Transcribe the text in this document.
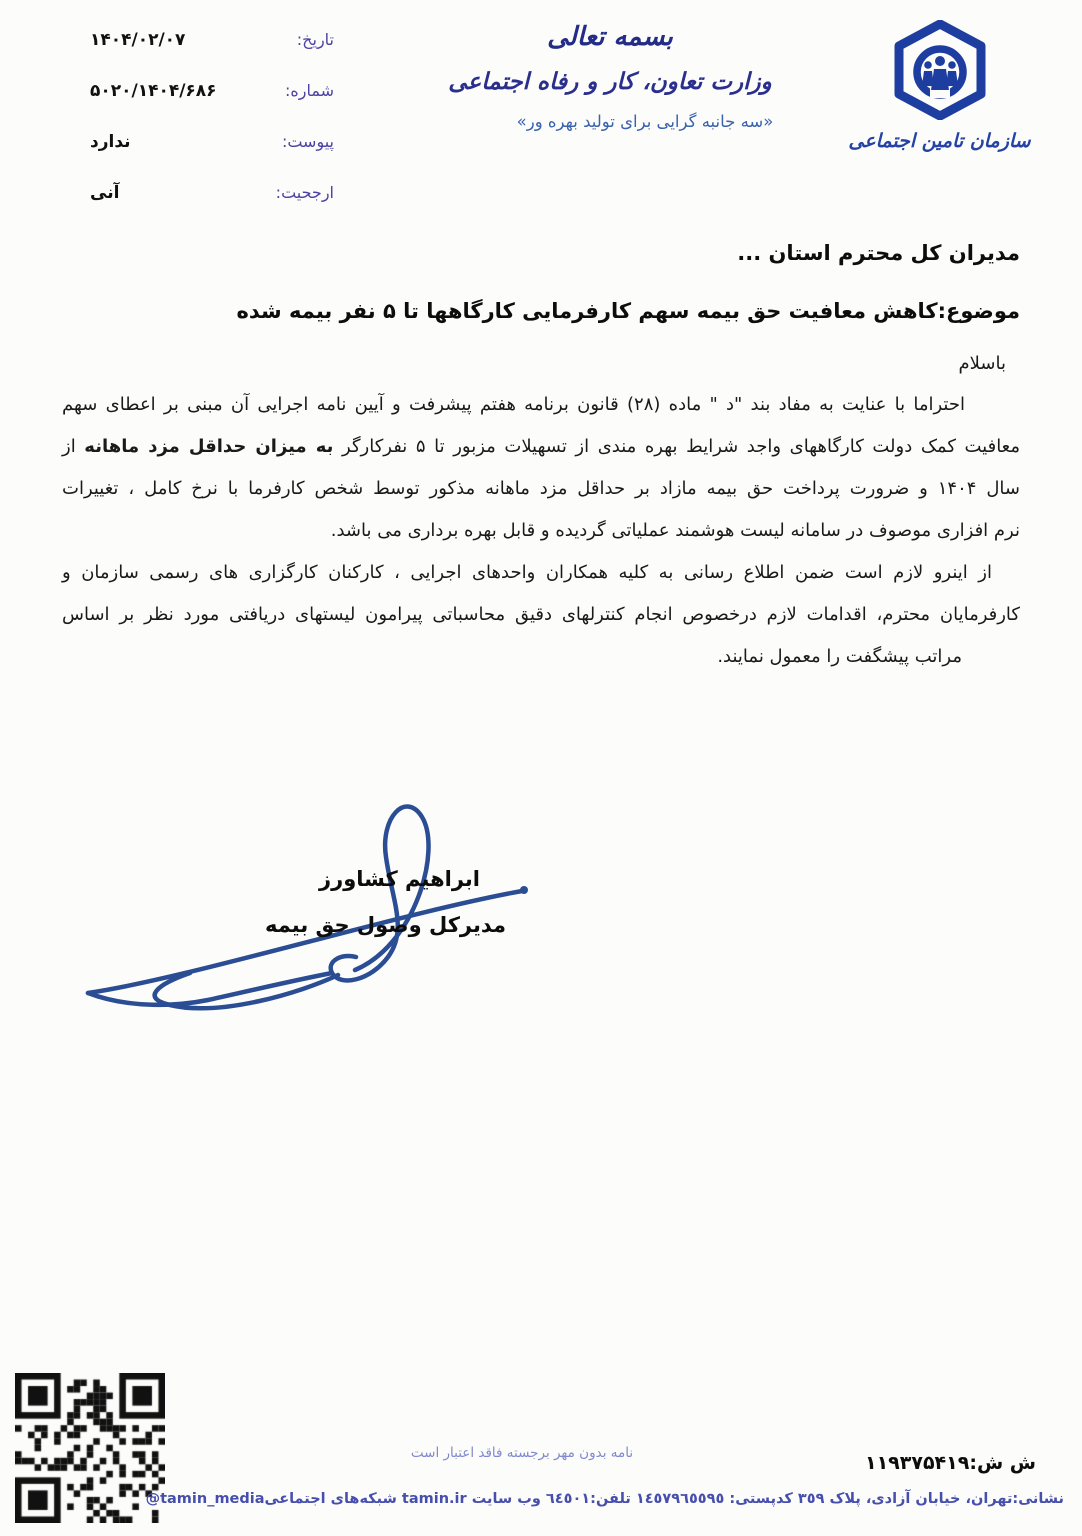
تاریخ:
۱۴۰۴/۰۲/۰۷
شماره:
۵۰۲۰/۱۴۰۴/۶۸۶
پیوست:
ندارد
ارجحیت:
آنی
بسمه تعالی
وزارت تعاون، کار و رفاه اجتماعی
«سه جانبه گرایی برای تولید بهره ور»
سازمان تامین اجتماعی
مدیران کل محترم استان ...
موضوع:کاهش معافیت حق بیمه سهم کارفرمایی کارگاهها تا ۵ نفر بیمه شده
باسلام
احتراما با عنایت به مفاد بند "د " ماده (۲۸) قانون برنامه هفتم پیشرفت و آیین نامه اجرایی آن مبنی بر اعطای سهم
معافیت کمک دولت کارگاههای واجد شرایط بهره مندی از تسهیلات مزبور تا ۵ نفرکارگر به میزان حداقل مزد ماهانه از
سال ۱۴۰۴ و ضرورت پرداخت حق بیمه مازاد بر حداقل مزد ماهانه مذکور توسط شخص کارفرما با نرخ کامل ، تغییرات
نرم افزاری موصوف در سامانه لیست هوشمند عملیاتی گردیده و قابل بهره برداری می باشد.
از اینرو لازم است ضمن اطلاع رسانی به کلیه همکاران واحدهای اجرایی ، کارکنان کارگزاری های رسمی سازمان و
کارفرمایان محترم، اقدامات لازم درخصوص انجام کنترلهای دقیق محاسباتی پیرامون لیستهای دریافتی مورد نظر بر اساس
مراتب پیشگفت را معمول نمایند.
ابراهیم کشاورز
مدیرکل وصول حق بیمه
نامه بدون مهر برجسته فاقد اعتبار است	ش ش:۱۱۹۳۷۵۴۱۹
نشانی:تهران، خیابان آزادی، پلاک ٣٥٩ کدپستی: ١٤٥٧٩٦٥٥٩٥ تلفن:٦٤٥٠١ وب سایت tamin.ir شبکه‌های اجتماعی@tamin_media
